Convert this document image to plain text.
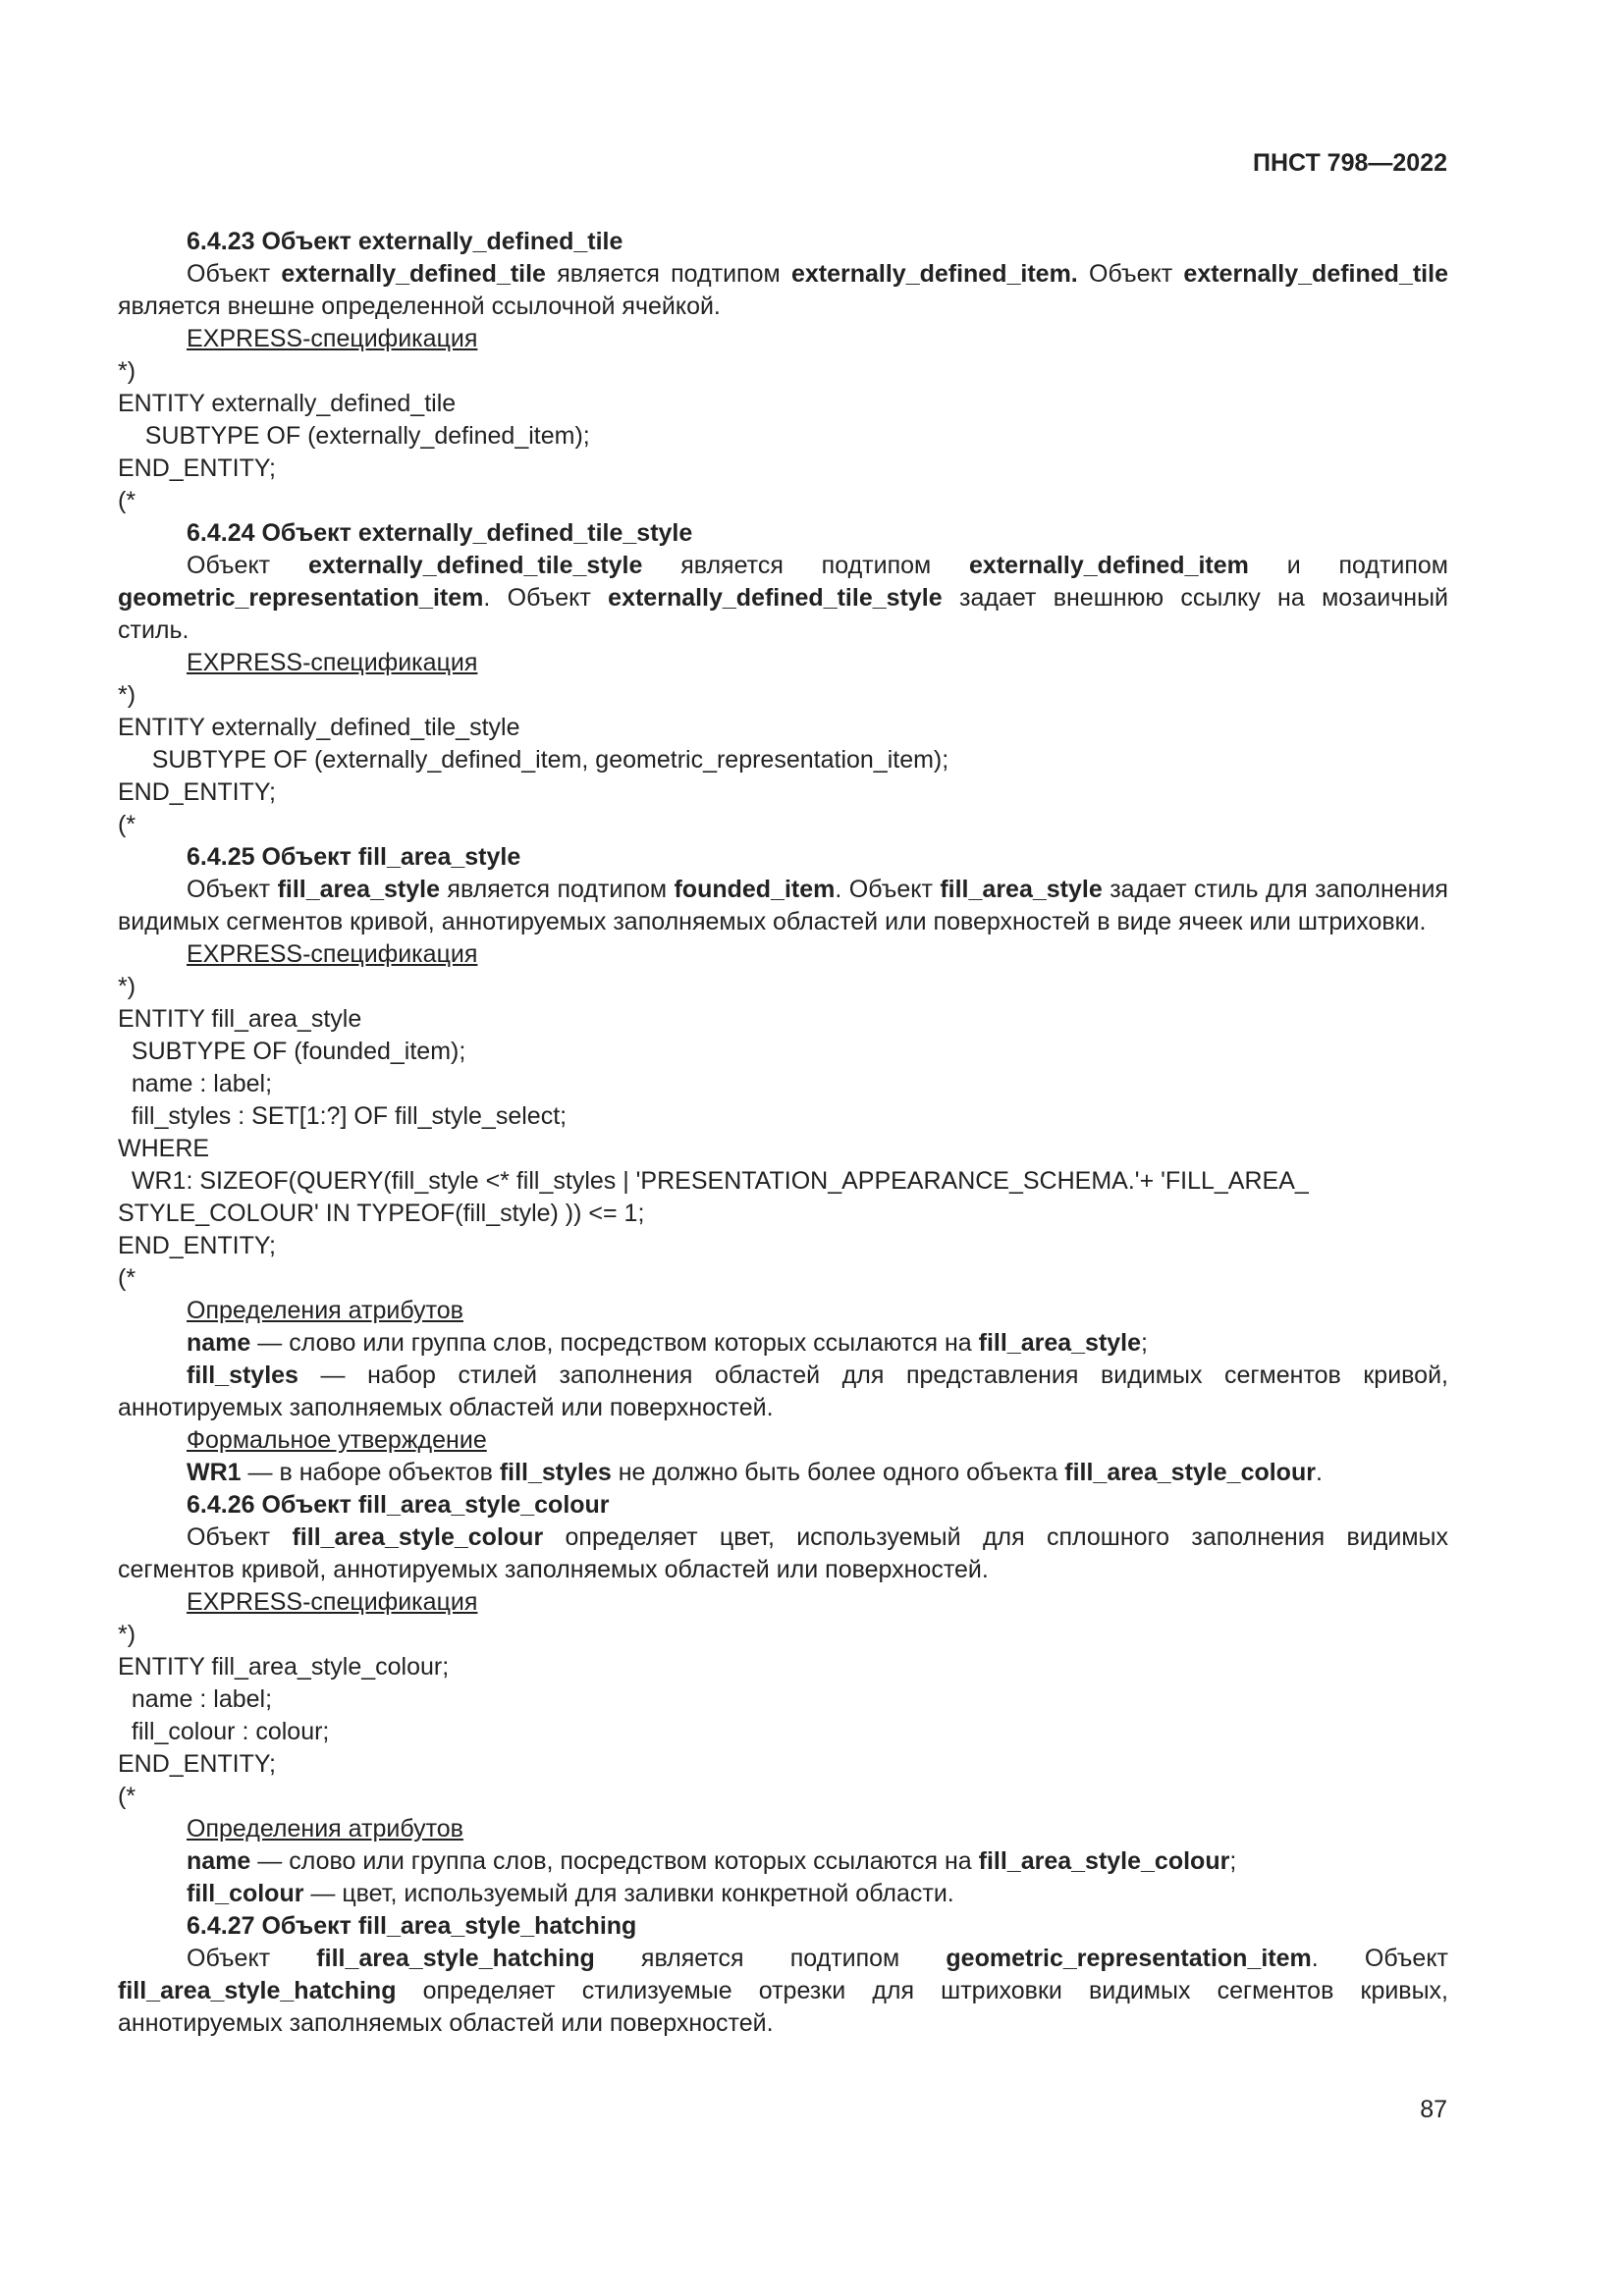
ПНСТ 798—2022

6.4.23 Объект externally_defined_tile

Объект externally_defined_tile является подтипом externally_defined_item. Объект externally_defined_tile является внешне определенной ссылочной ячейкой.

EXPRESS-спецификация

*)

ENTITY externally_defined_tile
SUBTYPE OF (externally_defined_item);

END_ENTITY;

(*

6.4.24 Объект externally_defined_tile_style

Объект externally_defined_tile_style является подтипом externally_defined_item и подтипом geometric_representation_item. Объект externally_defined_tile_style задает внешнюю ссылку на мозаичный стиль.

EXPRESS-спецификация

*)

ENTITY externally_defined_tile_style
SUBTYPE OF (externally_defined_item, geometric_representation_item);

END_ENTITY;

(*

6.4.25 Объект fill_area_style

Объект fill_area_style является подтипом founded_item. Объект fill_area_style задает стиль для заполнения видимых сегментов кривой, аннотируемых заполняемых областей или поверхностей в виде ячеек или штриховки.

EXPRESS-спецификация

*)

ENTITY fill_area_style
SUBTYPE OF (founded_item);
name : label;
fill_styles : SET[1:?] OF fill_style_select;
WHERE
WR1: SIZEOF(QUERY(fill_style <* fill_styles | 'PRESENTATION_APPEARANCE_SCHEMA.'+ 'FILL_AREA_
STYLE_COLOUR' IN TYPEOF(fill_style) )) <= 1;

END_ENTITY;

(*

Определения атрибутов

name — слово или группа слов, посредством которых ссылаются на fill_area_style;

fill_styles — набор стилей заполнения областей для представления видимых сегментов кривой, аннотируемых заполняемых областей или поверхностей.

Формальное утверждение

WR1 — в наборе объектов fill_styles не должно быть более одного объекта fill_area_style_colour.

6.4.26 Объект fill_area_style_colour

Объект fill_area_style_colour определяет цвет, используемый для сплошного заполнения видимых сегментов кривой, аннотируемых заполняемых областей или поверхностей.

EXPRESS-спецификация

*)

ENTITY fill_area_style_colour;
name : label;
fill_colour : colour;

END_ENTITY;

(*

Определения атрибутов

name — слово или группа слов, посредством которых ссылаются на fill_area_style_colour;

fill_colour — цвет, используемый для заливки конкретной области.

6.4.27 Объект fill_area_style_hatching

Объект fill_area_style_hatching является подтипом geometric_representation_item. Объект fill_area_style_hatching определяет стилизуемые отрезки для штриховки видимых сегментов кривых, аннотируемых заполняемых областей или поверхностей.

87
